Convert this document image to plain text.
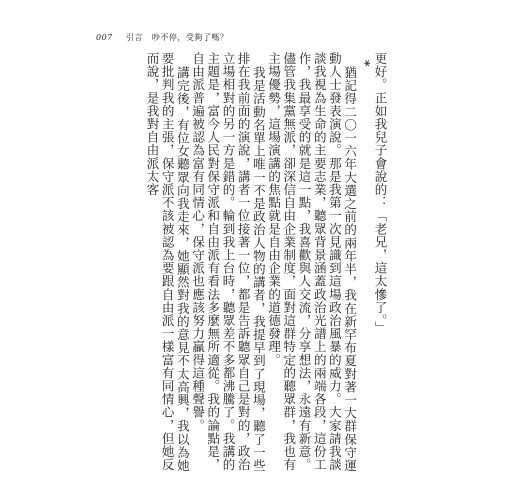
007 引言 吵不停，受夠了嗎？

更好。正如我兒子會說的：「老兄，這太慘了。」

*

猶記得二〇一六年大選之前的兩年半，我在新罕布夏對著一大群保守運動人士發表演說。那是我第一次見識到這場政治風暴的威力。大家請我談談我視為生命的主要志業，聽眾背景涵蓋政治光譜上的兩端各段，這份工作，我最享受的就是這一點，我喜歡與人交流，分享想法，永遠有新意。儘管我集黨無派，卻深信自由企業制度，面對這群特定的聽眾群，我也有主場優勢，這場演講的焦點就是自由企業的道德發理。

我是活動名單上唯一不是政治人物的講者，我提早到了現場，聽了一些排在我前面的演說，講者一位接著一位，都是告訴聽眾自己是對的，政治立場相對的另一方是錯的。輪到我上台時，聽眾差不多都沸騰了。我講的主題是，富今人民對保守派和自由派有看法多麼無所適從。我的論點是，自由派普遍被認為富有同情心，保守派也應該努力贏得這種聲譽。

講完後，有位女聽眾向我走來，她顯然對我的意見不太高興，我以為她要批判我的主張，保守派不該被認為要跟自由派一樣富有同情心，但她反而說，是我對自由派太客
